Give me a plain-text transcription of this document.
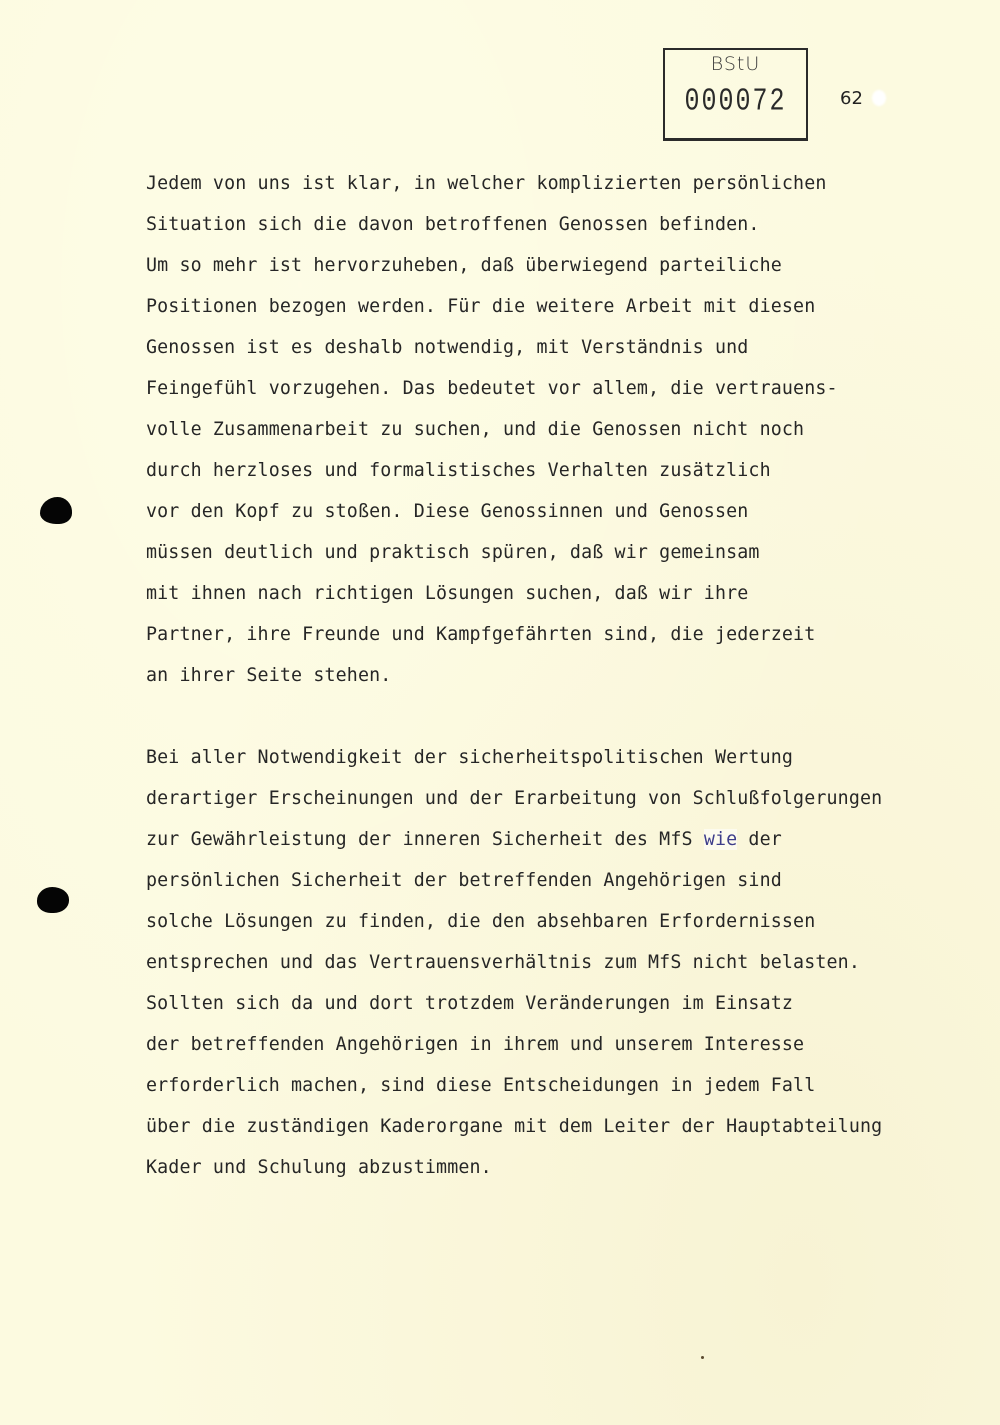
BStU
000072	62
Jedem von uns ist klar, in welcher komplizierten persönlichen
Situation sich die davon betroffenen Genossen befinden.
Um so mehr ist hervorzuheben, daß überwiegend parteiliche
Positionen bezogen werden. Für die weitere Arbeit mit diesen
Genossen ist es deshalb notwendig, mit Verständnis und
Feingefühl vorzugehen. Das bedeutet vor allem, die vertrauens-
volle Zusammenarbeit zu suchen, und die Genossen nicht noch
durch herzloses und formalistisches Verhalten zusätzlich
vor den Kopf zu stoßen. Diese Genossinnen und Genossen
müssen deutlich und praktisch spüren, daß wir gemeinsam
mit ihnen nach richtigen Lösungen suchen, daß wir ihre
Partner, ihre Freunde und Kampfgefährten sind, die jederzeit
an ihrer Seite stehen.
Bei aller Notwendigkeit der sicherheitspolitischen Wertung
derartiger Erscheinungen und der Erarbeitung von Schlußfolgerungen
zur Gewährleistung der inneren Sicherheit des MfS wie der
persönlichen Sicherheit der betreffenden Angehörigen sind
solche Lösungen zu finden, die den absehbaren Erfordernissen
entsprechen und das Vertrauensverhältnis zum MfS nicht belasten.
Sollten sich da und dort trotzdem Veränderungen im Einsatz
der betreffenden Angehörigen in ihrem und unserem Interesse
erforderlich machen, sind diese Entscheidungen in jedem Fall
über die zuständigen Kaderorgane mit dem Leiter der Hauptabteilung
Kader und Schulung abzustimmen.
